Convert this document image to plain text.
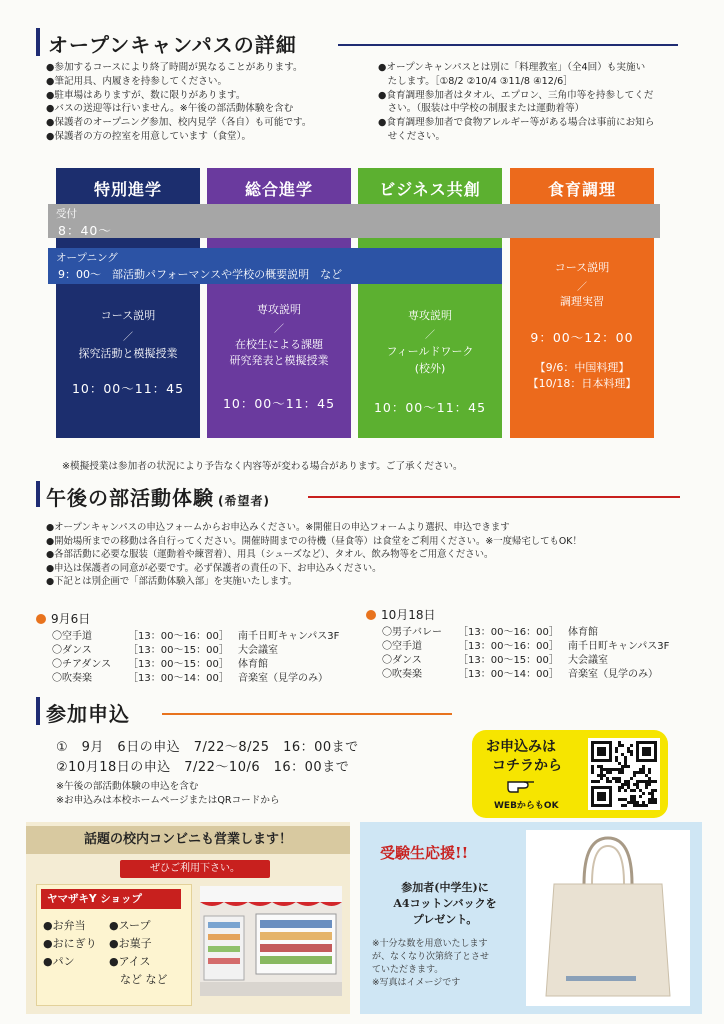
オープンキャンパスの詳細
●参加するコースにより終了時間が異なることがあります。
●筆記用具、内履きを持参してください。
●駐車場はありますが、数に限りがあります。
●バスの送迎等は行いません。※午後の部活動体験を含む
●保護者のオープニング参加、校内見学（各自）も可能です。
●保護者の方の控室を用意しています（食堂）。
●オープンキャンパスとは別に「料理教室」（全4回）も実施い
　たします。［①8/2 ②10/4 ③11/8 ④12/6］
●食育調理参加者はタオル、エプロン、三角巾等を持参してくだ
　さい。（服装は中学校の制服または運動着等）
●食育調理参加者で食物アレルギー等がある場合は事前にお知ら
　せください。
特別進学
コース説明
／
探究活動と模擬授業
10：00～11：45
総合進学
専攻説明
／
在校生による課題
研究発表と模擬授業
10：00～11：45
ビジネス共創
専攻説明
／
フィールドワーク
(校外)
10：00～11：45
食育調理
コース説明
／
調理実習
9：00～12：00
【9/6：中国料理】
【10/18：日本料理】
受付
8：40～
オープニング
9：00～　部活動パフォーマンスや学校の概要説明　など
※模擬授業は参加者の状況により予告なく内容等が変わる場合があります。ご了承ください。
午後の部活動体験 (希望者)
●オープンキャンパスの申込フォームからお申込みください。※開催日の申込フォームより選択、申込できます
●開始場所までの移動は各自行ってください。開催時間までの待機（昼食等）は食堂をご利用ください。※一度帰宅してもOK！
●各部活動に必要な服装（運動着や練習着）、用具（シューズなど）、タオル、飲み物等をご用意ください。
●申込は保護者の同意が必要です。必ず保護者の責任の下、お申込みください。
●下記とは別企画で「部活動体験入部」を実施いたします。
9月6日
〇空手道	［13：00～16：00］ 南千日町キャンパス3F
〇ダンス	［13：00～15：00］ 大会議室
〇チアダンス ［13：00～15：00］ 体育館
〇吹奏楽	［13：00～14：00］ 音楽室（見学のみ）
10月18日
〇男子バレー ［13：00～16：00］ 体育館
〇空手道	［13：00～16：00］ 南千日町キャンパス3F
〇ダンス	［13：00～15：00］ 大会議室
〇吹奏楽	［13：00～14：00］ 音楽室（見学のみ）
参加申込
①　9月　6日の申込　7/22～8/25　16：00まで
②10月18日の申込　7/22～10/6　16：00まで
※午後の部活動体験の申込を含む
※お申込みは本校ホームページまたはQRコードから
お申込みは
コチラから
WEBからもOK
話題の校内コンビニも営業します！
ぜひご利用下さい。
ヤマザキY ショップ
●お弁当
●おにぎり
●パン
●スープ
●お菓子
●アイス
　など など
受験生応援!!
参加者(中学生)に
A4コットンバックを
プレゼント。
※十分な数を用意いたします
が、なくなり次第終了とさせ
ていただきます。
※写真はイメージです
